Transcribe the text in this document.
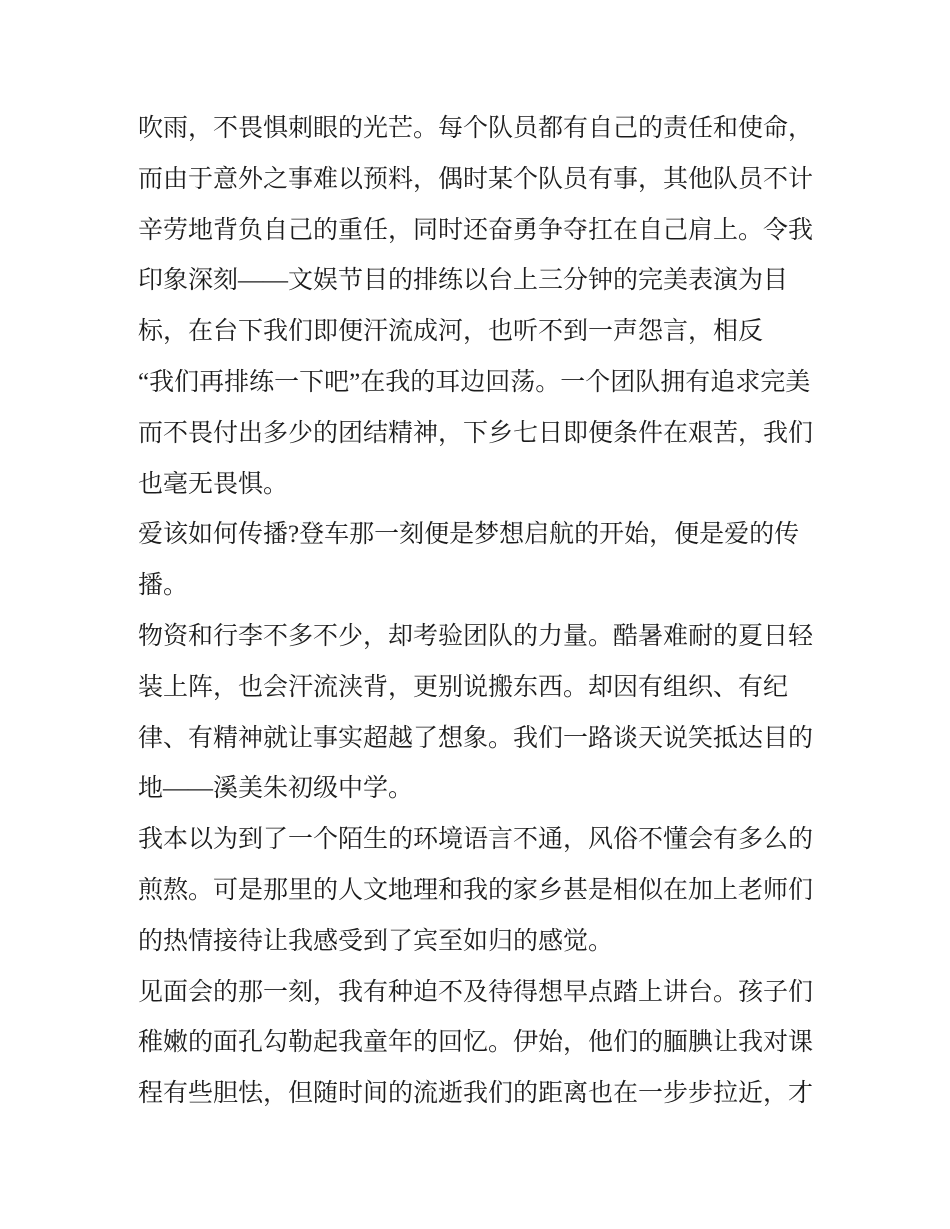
吹雨，不畏惧刺眼的光芒。每个队员都有自己的责任和使命，
而由于意外之事难以预料，偶时某个队员有事，其他队员不计
辛劳地背负自己的重任，同时还奋勇争夺扛在自己肩上。令我
印象深刻——文娱节目的排练以台上三分钟的完美表演为目
标，在台下我们即便汗流成河，也听不到一声怨言，相反
“我们再排练一下吧”在我的耳边回荡。一个团队拥有追求完美
而不畏付出多少的团结精神，下乡七日即便条件在艰苦，我们
也毫无畏惧。
爱该如何传播?登车那一刻便是梦想启航的开始，便是爱的传
播。
物资和行李不多不少，却考验团队的力量。酷暑难耐的夏日轻
装上阵，也会汗流浃背，更别说搬东西。却因有组织、有纪
律、有精神就让事实超越了想象。我们一路谈天说笑抵达目的
地——溪美朱初级中学。
我本以为到了一个陌生的环境语言不通，风俗不懂会有多么的
煎熬。可是那里的人文地理和我的家乡甚是相似在加上老师们
的热情接待让我感受到了宾至如归的感觉。
见面会的那一刻，我有种迫不及待得想早点踏上讲台。孩子们
稚嫩的面孔勾勒起我童年的回忆。伊始，他们的腼腆让我对课
程有些胆怯，但随时间的流逝我们的距离也在一步步拉近，才
